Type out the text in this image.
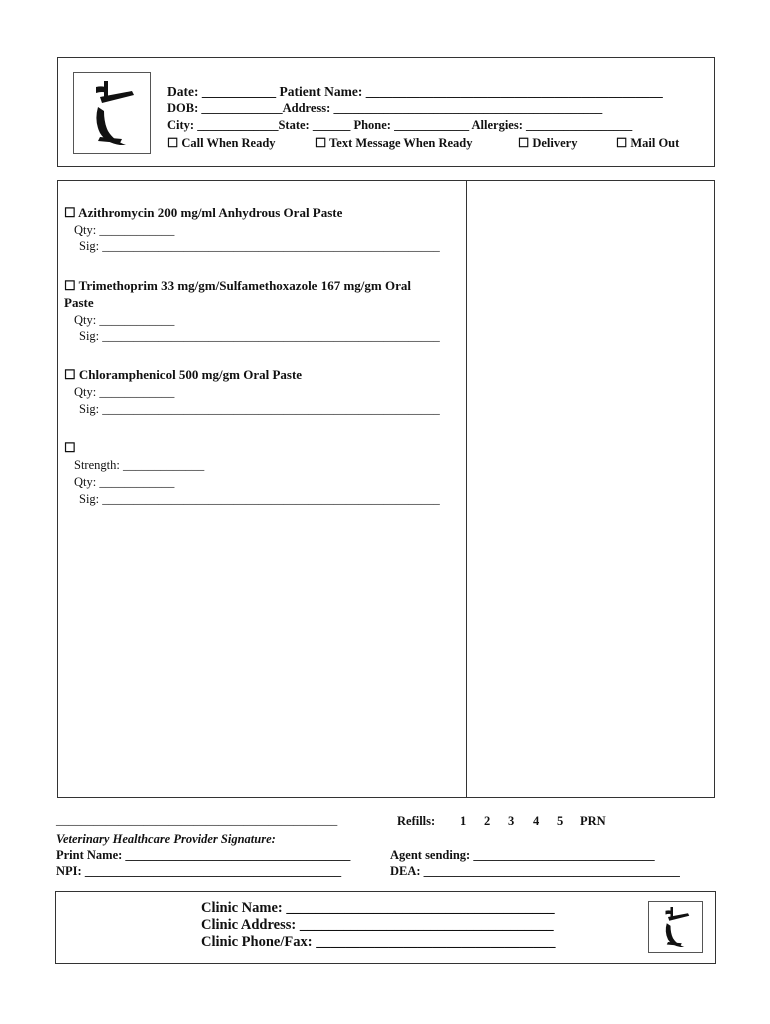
Date: ___________ Patient Name: ____________________________________________
DOB: _____________Address: ___________________________________________
City: _____________State: ______ Phone: ____________ Allergies: _________________
☐ Call When Ready	☐ Text Message When Ready	☐ Delivery	☐ Mail Out
☐ Azithromycin 200 mg/ml Anhydrous Oral Paste
Qty: ____________
Sig: ______________________________________________________
☐ Trimethoprim 33 mg/gm/Sulfamethoxazole 167 mg/gm Oral
Paste
Qty: ____________
Sig: ______________________________________________________
☐ Chloramphenicol 500 mg/gm Oral Paste
Qty: ____________
Sig: ______________________________________________________
☐
Strength: _____________
Qty: ____________
Sig: ______________________________________________________
_____________________________________________	Refills: 1 2 3 4 5 PRN
Veterinary Healthcare Provider Signature:
Print Name: ____________________________________
NPI: _________________________________________
Agent sending: _____________________________
DEA: _________________________________________
Clinic Name: _____________________________________
Clinic Address: ___________________________________
Clinic Phone/Fax: _________________________________
